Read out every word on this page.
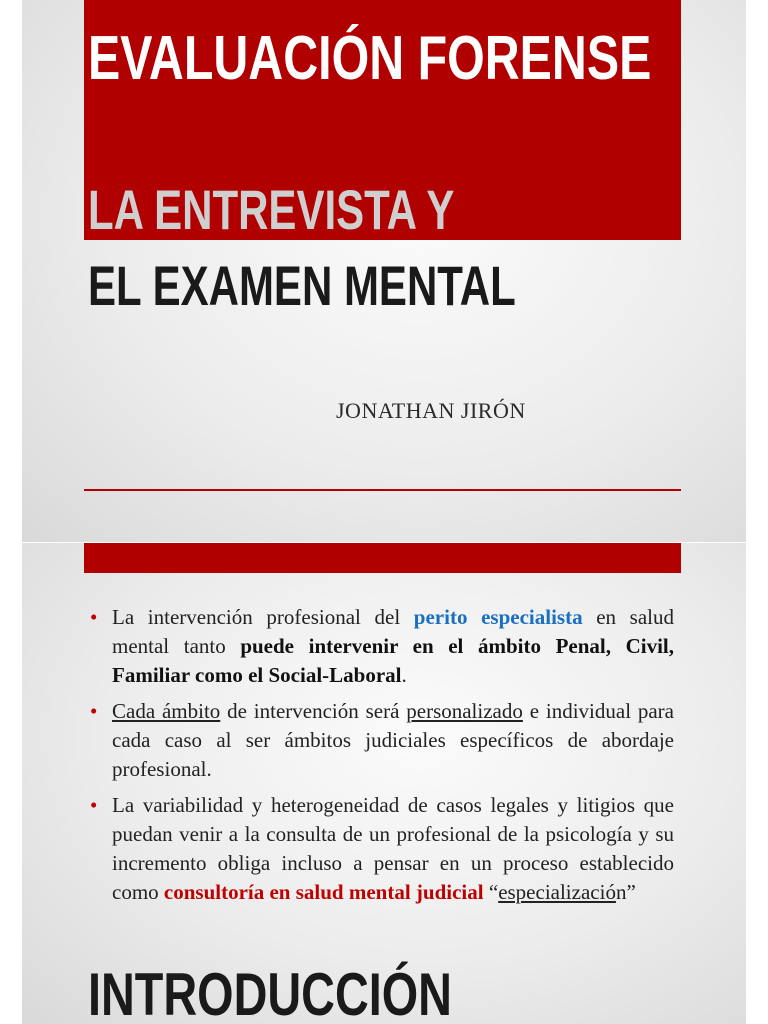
EVALUACIÓN FORENSE
LA ENTREVISTA Y
EL EXAMEN MENTAL
JONATHAN JIRÓN
• La intervención profesional del perito especialista en salud mental tanto puede intervenir en el ámbito Penal, Civil, Familiar como el Social-Laboral.
• Cada ámbito de intervención será personalizado e individual para cada caso al ser ámbitos judiciales específicos de abordaje profesional.
• La variabilidad y heterogeneidad de casos legales y litigios que puedan venir a la consulta de un profesional de la psicología y su incremento obliga incluso a pensar en un proceso establecido como consultoría en salud mental judicial “especialización”
INTRODUCCIÓN
